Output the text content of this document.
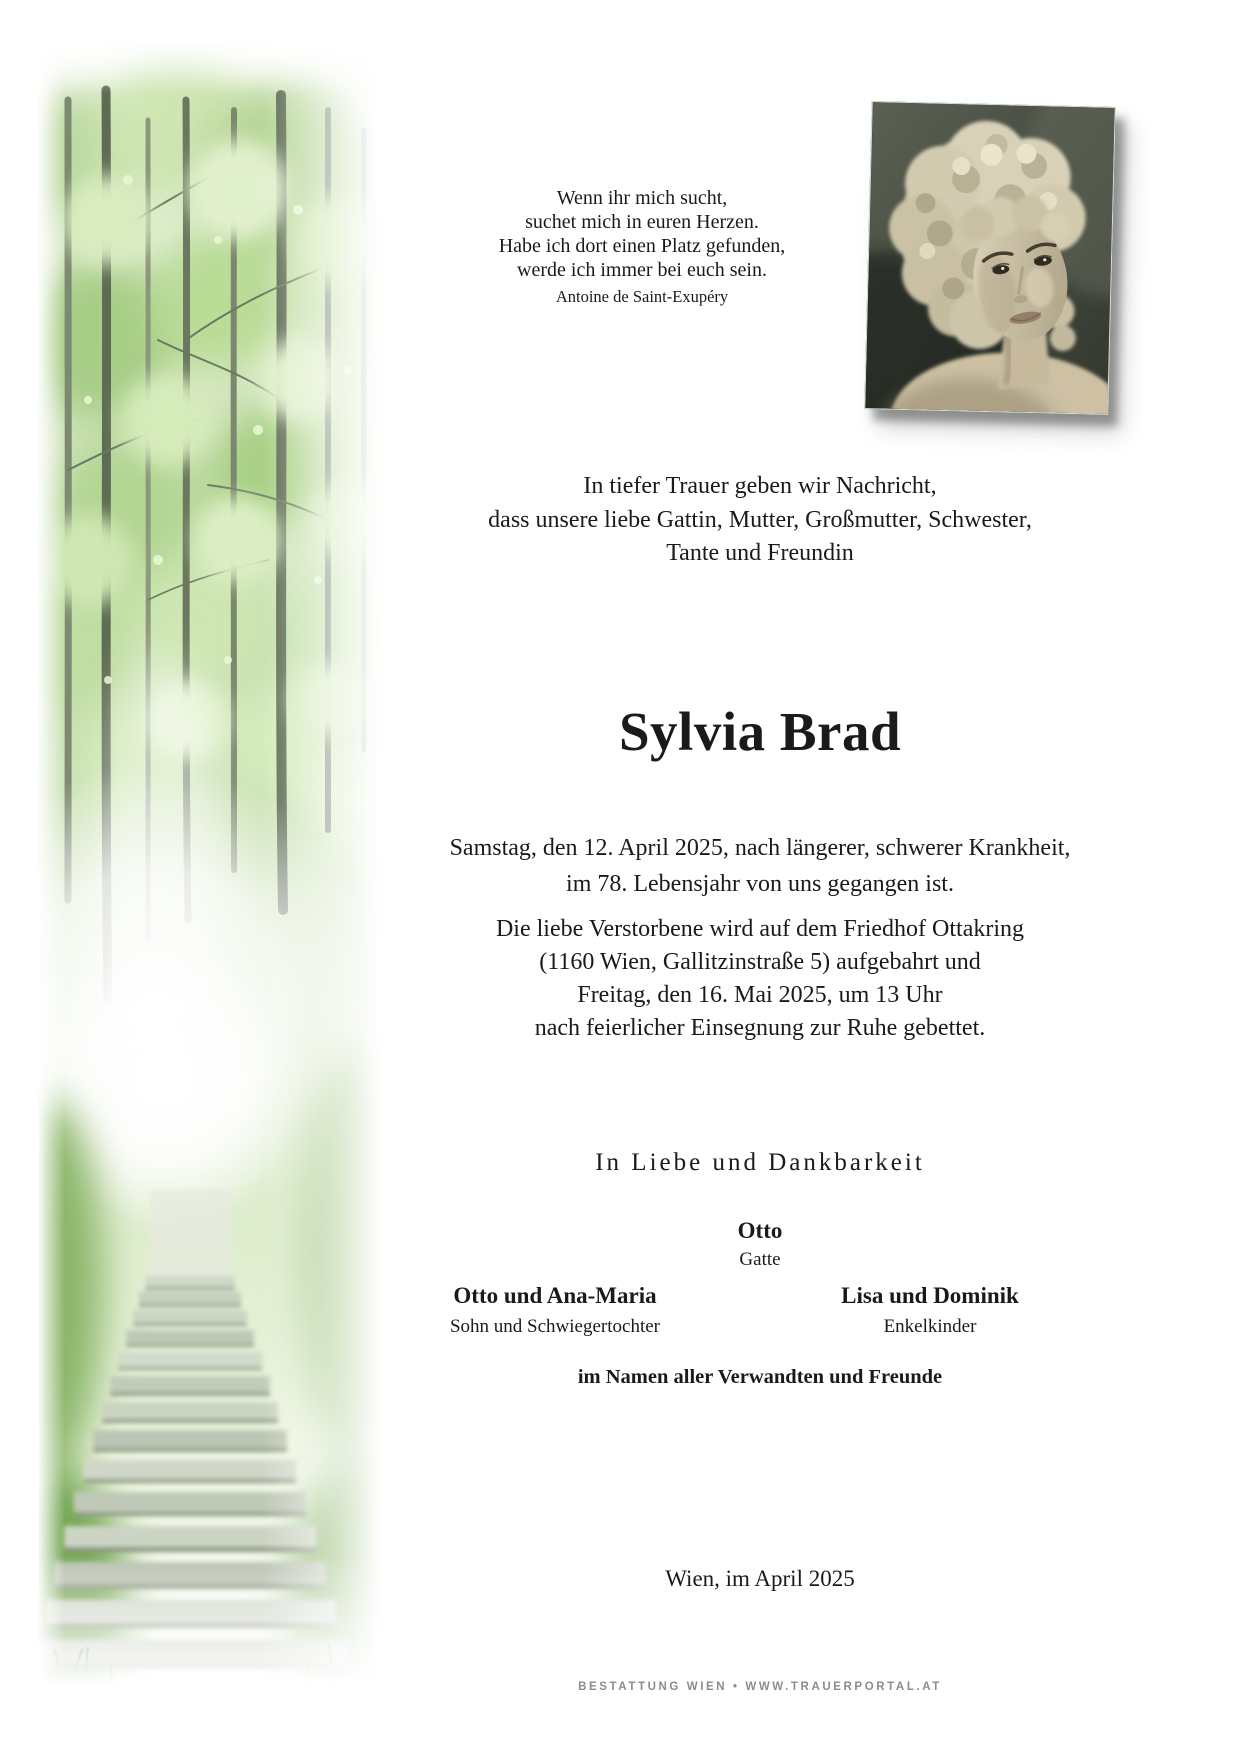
Wenn ihr mich sucht,
suchet mich in euren Herzen.
Habe ich dort einen Platz gefunden,
werde ich immer bei euch sein.
Antoine de Saint-Exupéry
In tiefer Trauer geben wir Nachricht,
dass unsere liebe Gattin, Mutter, Großmutter, Schwester,
Tante und Freundin
Sylvia Brad
Samstag, den 12. April 2025, nach längerer, schwerer Krankheit,
im 78. Lebensjahr von uns gegangen ist.
Die liebe Verstorbene wird auf dem Friedhof Ottakring
(1160 Wien, Gallitzinstraße 5) aufgebahrt und
Freitag, den 16. Mai 2025, um 13 Uhr
nach feierlicher Einsegnung zur Ruhe gebettet.
In Liebe und Dankbarkeit
Otto
Gatte
Otto und Ana-Maria
Sohn und Schwiegertochter
Lisa und Dominik
Enkelkinder
im Namen aller Verwandten und Freunde
Wien, im April 2025
BESTATTUNG WIEN • WWW.TRAUERPORTAL.AT
